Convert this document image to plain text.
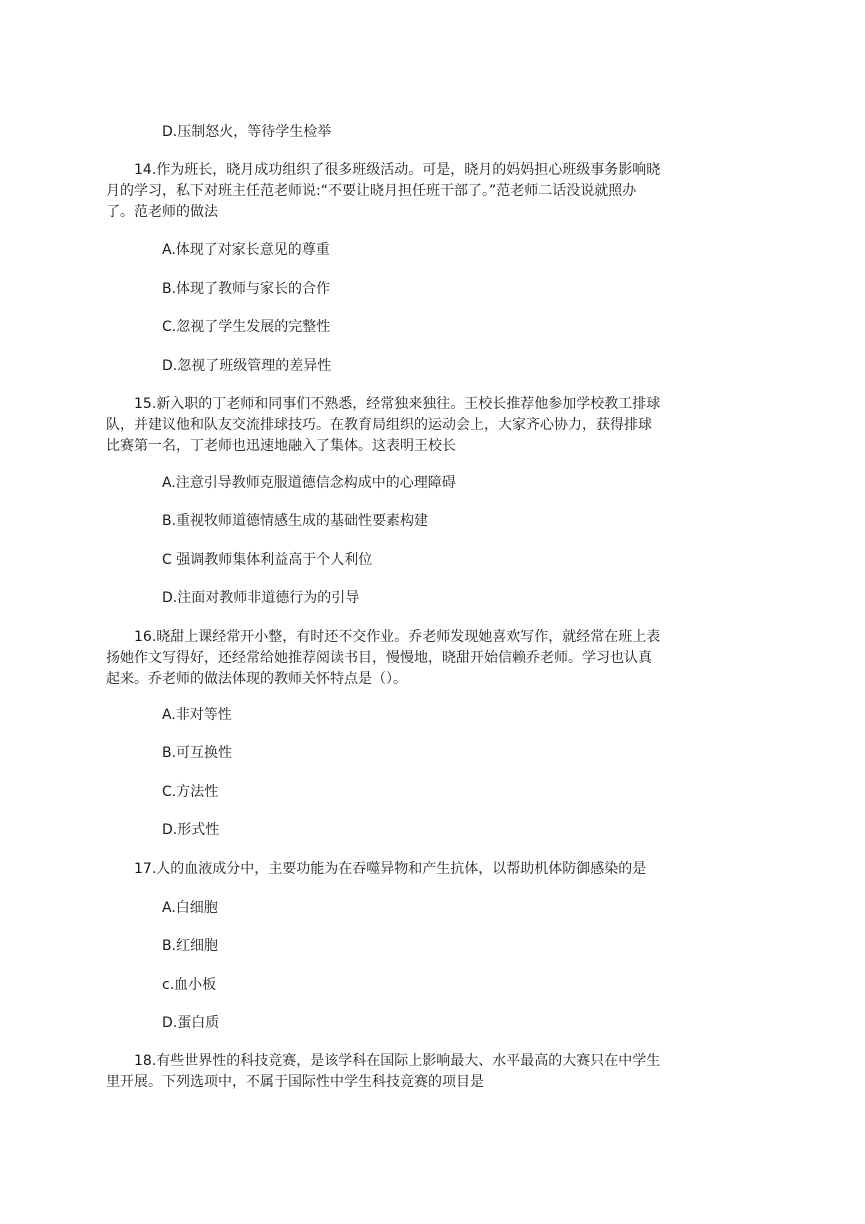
D.压制怒火，等待学生检举

14.作为班长，晓月成功组织了很多班级活动。可是，晓月的妈妈担心班级事务影响晓

月的学习，私下对班主任范老师说:“不要让晓月担任班干部了。”范老师二话没说就照办

了。范老师的做法

A.体现了对家长意见的尊重
B.体现了教师与家长的合作
C.忽视了学生发展的完整性
D.忽视了班级管理的差异性

15.新入职的丁老师和同事们不熟悉，经常独来独往。王校长推荐他参加学校教工排球

队，并建议他和队友交流排球技巧。在教育局组织的运动会上，大家齐心协力，获得排球

比赛第一名，丁老师也迅速地融入了集体。这表明王校长

A.注意引导教师克服道德信念构成中的心理障碍
B.重视牧师道德情感生成的基础性要素构建
C 强调教师集体利益高于个人利位
D.注面对教师非道德行为的引导

16.晓甜上课经常开小整，有时还不交作业。乔老师发现她喜欢写作，就经常在班上表

扬她作文写得好，还经常给她推荐阅读书目，慢慢地，晓甜开始信赖乔老师。学习也认真

起来。乔老师的做法体现的教师关怀特点是（）。

A.非对等性
B.可互换性
C.方法性
D.形式性

17.人的血液成分中，主要功能为在吞噬异物和产生抗体，以帮助机体防御感染的是

A.白细胞
B.红细胞
c.血小板
D.蛋白质

18.有些世界性的科技竞赛，是该学科在国际上影响最大、水平最高的大赛只在中学生

里开展。下列选项中，不属于国际性中学生科技竞赛的项目是
